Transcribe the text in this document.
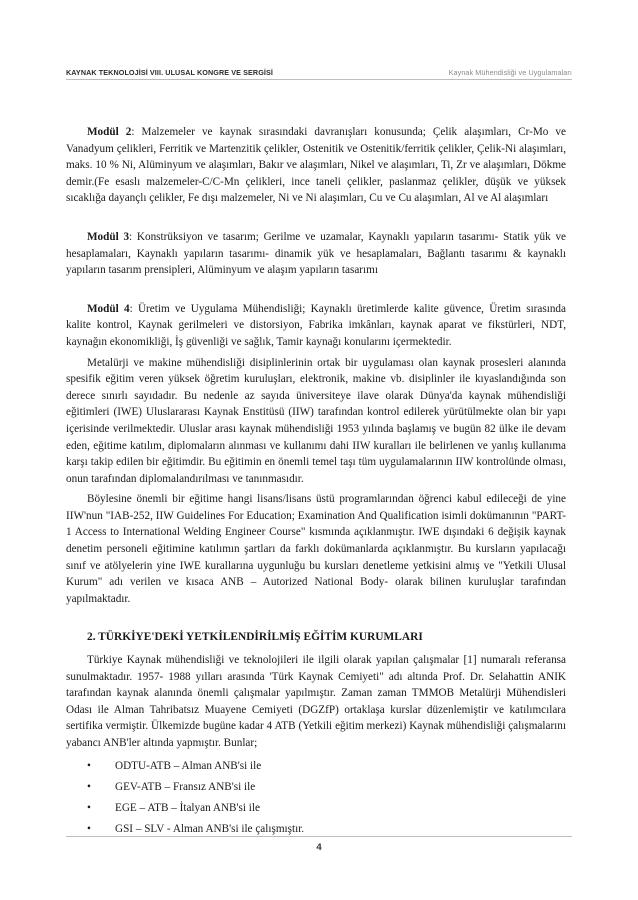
KAYNAK TEKNOLOJİSİ VIII. ULUSAL KONGRE VE SERGİSİ	Kaynak Mühendisliği ve Uygulamaları

Modül 2: Malzemeler ve kaynak sırasındaki davranışları konusunda; Çelik alaşımları, Cr-Mo ve Vanadyum çelikleri, Ferritik ve Martenzitik çelikler, Ostenitik ve Ostenitik/ferritik çelikler, Çelik-Ni alaşımları, maks. 10 % Ni, Alüminyum ve alaşımları, Bakır ve alaşımları, Nikel ve alaşımları, Ti, Zr ve alaşımları, Dökme demir.(Fe esaslı malzemeler-C/C-Mn çelikleri, ince taneli çelikler, paslanmaz çelikler, düşük ve yüksek sıcaklığa dayançlı çelikler, Fe dışı malzemeler, Ni ve Ni alaşımları, Cu ve Cu alaşımları, Al ve Al alaşımları

Modül 3: Konstrüksiyon ve tasarım; Gerilme ve uzamalar, Kaynaklı yapıların tasarımı- Statik yük ve hesaplamaları, Kaynaklı yapıların tasarımı- dinamik yük ve hesaplamaları, Bağlantı tasarımı & kaynaklı yapıların tasarım prensipleri, Alüminyum ve alaşım yapıların tasarımı

Modül 4: Üretim ve Uygulama Mühendisliği; Kaynaklı üretimlerde kalite güvence, Üretim sırasında kalite kontrol, Kaynak gerilmeleri ve distorsiyon, Fabrika imkânları, kaynak aparat ve fikstürleri, NDT, kaynağın ekonomikliği, İş güvenliği ve sağlık, Tamir kaynağı konularını içermektedir.

Metalürji ve makine mühendisliği disiplinlerinin ortak bir uygulaması olan kaynak prosesleri alanında spesifik eğitim veren yüksek öğretim kuruluşları, elektronik, makine vb. disiplinler ile kıyaslandığında son derece sınırlı sayıdadır. Bu nedenle az sayıda üniversiteye ilave olarak Dünya'da kaynak mühendisliği eğitimleri (IWE) Uluslararası Kaynak Enstitüsü (IIW) tarafından kontrol edilerek yürütülmekte olan bir yapı içerisinde verilmektedir. Uluslar arası kaynak mühendisliği 1953 yılında başlamış ve bugün 82 ülke ile devam eden, eğitime katılım, diplomaların alınması ve kullanımı dahi IIW kuralları ile belirlenen ve yanlış kullanıma karşı takip edilen bir eğitimdir. Bu eğitimin en önemli temel taşı tüm uygulamalarının IIW kontrolünde olması, onun tarafından diplomalandırılması ve tanınmasıdır.

Böylesine önemli bir eğitime hangi lisans/lisans üstü programlarından öğrenci kabul edileceği de yine IIW'nun "IAB-252, IIW Guidelines For Education; Examination And Qualification isimli dokümanının "PART-1 Access to International Welding Engineer Course" kısmında açıklanmıştır. IWE dışındaki 6 değişik kaynak denetim personeli eğitimine katılımın şartları da farklı dokümanlarda açıklanmıştır. Bu kursların yapılacağı sınıf ve atölyelerin yine IWE kurallarına uygunluğu bu kursları denetleme yetkisini almış ve "Yetkili Ulusal Kurum" adı verilen ve kısaca ANB – Autorized National Body- olarak bilinen kuruluşlar tarafından yapılmaktadır.

2. TÜRKİYE'DEKİ YETKİLENDİRİLMİŞ EĞİTİM KURUMLARI

Türkiye Kaynak mühendisliği ve teknolojileri ile ilgili olarak yapılan çalışmalar [1] numaralı referansa sunulmaktadır. 1957- 1988 yılları arasında 'Türk Kaynak Cemiyeti" adı altında Prof. Dr. Selahattin ANIK tarafından kaynak alanında önemli çalışmalar yapılmıştır. Zaman zaman TMMOB Metalürji Mühendisleri Odası ile Alman Tahribatsız Muayene Cemiyeti (DGZfP) ortaklaşa kurslar düzenlemiştir ve katılımcılara sertifika vermiştir. Ülkemizde bugüne kadar 4 ATB (Yetkili eğitim merkezi) Kaynak mühendisliği çalışmalarını yabancı ANB'ler altında yapmıştır. Bunlar;

• ODTU-ATB – Alman ANB'si ile
• GEV-ATB – Fransız ANB'si ile
• EGE – ATB – İtalyan ANB'si ile
• GSI – SLV - Alman ANB'si ile çalışmıştır.
4
